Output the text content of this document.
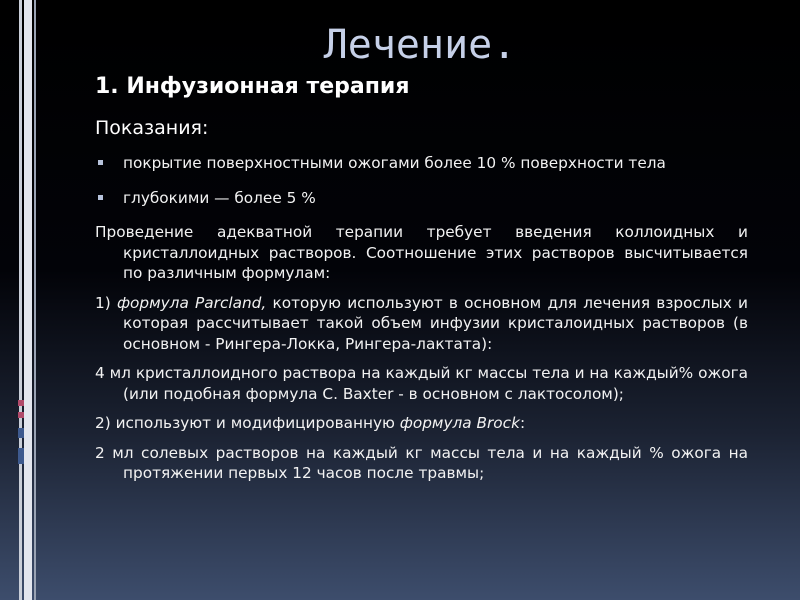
Лечение.
1. Инфузионная терапия
Показания:
покрытие поверхностными ожогами более 10 % поверхности тела
глубокими — более 5 %
Проведение адекватной терапии требует введения коллоидных и кристаллоидных растворов. Соотношение этих растворов высчитывается по различным формулам:
1) формула Parcland, которую используют в основном для лечения взрослых и которая рассчитывает такой объем инфузии кристалоидных растворов (в основном - Рингера-Локка, Рингера-лактата):
4 мл кристаллоидного раствора на каждый кг массы тела и на каждый% ожога (или подобная формула С. Baxter - в основном с лактосолом);
2) используют и модифицированную формула Brock:
2 мл солевых растворов на каждый кг массы тела и на каждый % ожога на протяжении первых 12 часов после травмы;
